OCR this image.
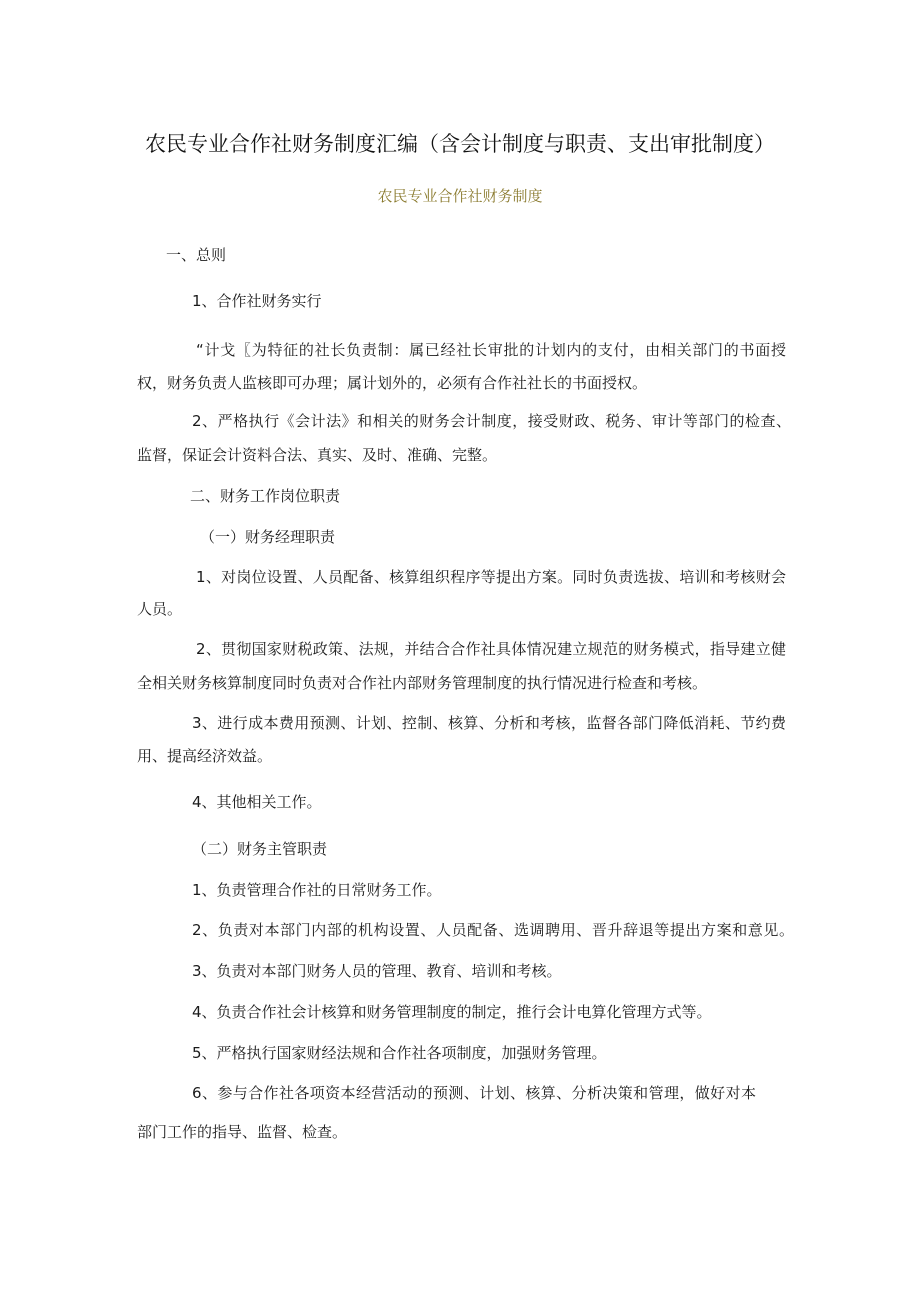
农民专业合作社财务制度汇编（含会计制度与职责、支出审批制度）
农民专业合作社财务制度
一、总则
1、合作社财务实行
“计戈〖为特征的社长负责制：属已经社长审批的计划内的支付，由相关部门的书面授
权，财务负责人监核即可办理；属计划外的，必须有合作社社长的书面授权。
2、严格执行《会计法》和相关的财务会计制度，接受财政、税务、审计等部门的检查、
监督，保证会计资料合法、真实、及时、准确、完整。
二、财务工作岗位职责
（一）财务经理职责
1、对岗位设置、人员配备、核算组织程序等提出方案。同时负责选拔、培训和考核财会
人员。
2、贯彻国家财税政策、法规，并结合合作社具体情况建立规范的财务模式，指导建立健
全相关财务核算制度同时负责对合作社内部财务管理制度的执行情况进行检查和考核。
3、进行成本费用预测、计划、控制、核算、分析和考核，监督各部门降低消耗、节约费
用、提高经济效益。
4、其他相关工作。
（二）财务主管职责
1、负责管理合作社的日常财务工作。
2、负责对本部门内部的机构设置、人员配备、选调聘用、晋升辞退等提出方案和意见。
3、负责对本部门财务人员的管理、教育、培训和考核。
4、负责合作社会计核算和财务管理制度的制定，推行会计电算化管理方式等。
5、严格执行国家财经法规和合作社各项制度，加强财务管理。
6、参与合作社各项资本经营活动的预测、计划、核算、分析决策和管理，做好对本
部门工作的指导、监督、检查。
